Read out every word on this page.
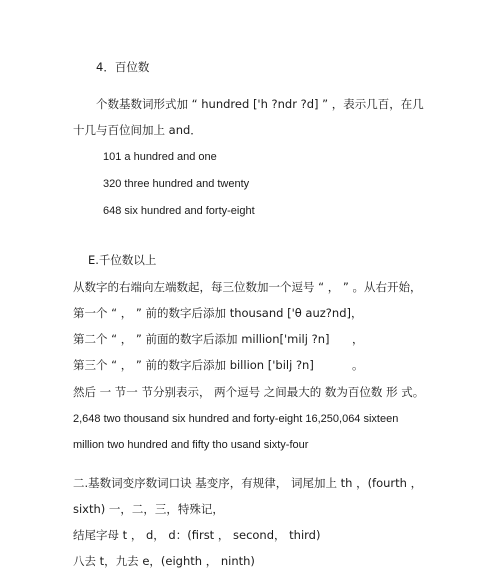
4．百位数
个数基数词形式加 “ hundred ['h ?ndr ?d] ” ，表示几百，在几
十几与百位间加上 and．
101 a hundred and one
320 three hundred and twenty
648 six hundred and forty-eight
E.千位数以上
从数字的右端向左端数起，每三位数加一个逗号 “ ， ” 。从右开始，
第一个 “ ， ” 前的数字后添加 thousand ['θ auz?nd]，
第二个 “ ， ” 前面的数字后添加 million['milj ?n] ，
第三个 “ ， ” 前的数字后添加 billion ['bilj ?n]	。
然后 一 节一 节分别表示， 两个逗号 之间最大的 数为百位数 形 式。
2,648 two thousand six hundred and forty-eight 16,250,064 sixteen
million two hundred and fifty tho usand sixty-four
二.基数词变序数词口诀 基变序，有规律， 词尾加上 th ，(fourth ，
sixth) 一，二，三，特殊记，
结尾字母 t ， d， d：(first ， second， third)
八去 t，九去 e，(eighth ， ninth)
